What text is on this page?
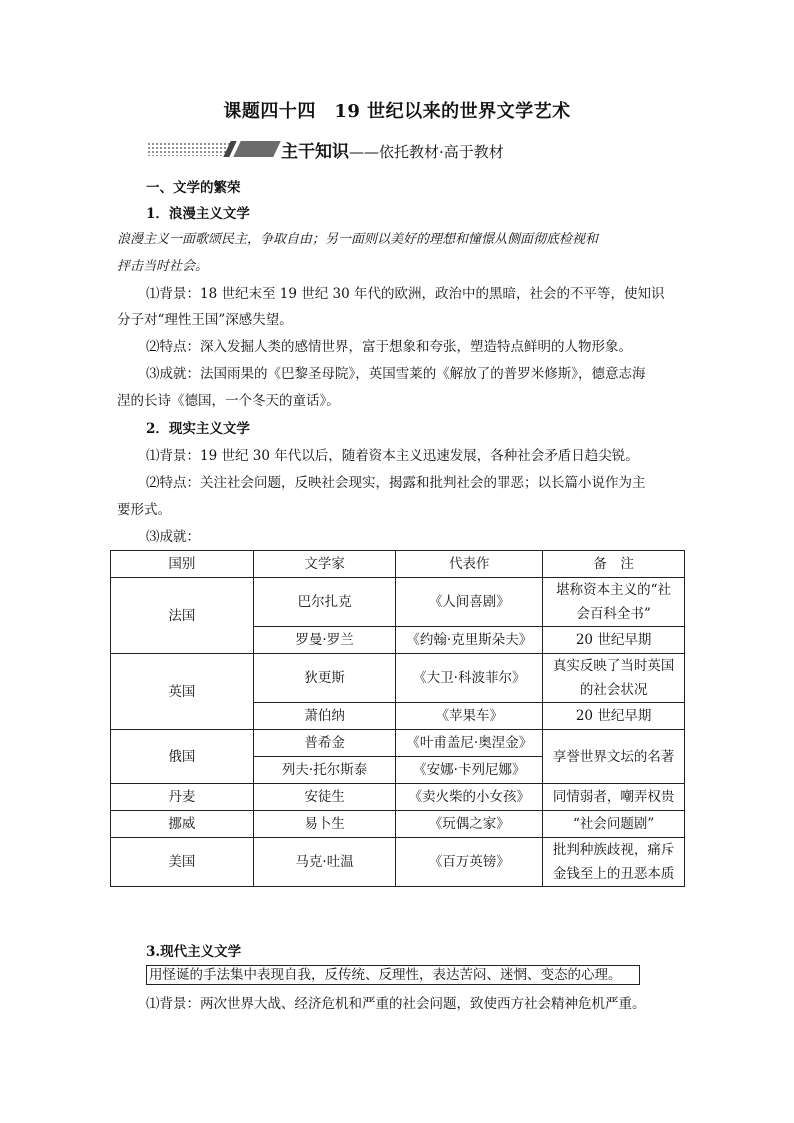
课题四十四　19 世纪以来的世界文学艺术
主干知识——依托教材·高于教材
一、文学的繁荣
1．浪漫主义文学
浪漫主义一面歌颂民主，争取自由；另一面则以美好的理想和憧憬从侧面彻底检视和
抨击当时社会。
⑴背景：18 世纪末至 19 世纪 30 年代的欧洲，政治中的黑暗，社会的不平等，使知识
分子对“理性王国”深感失望。
⑵特点：深入发掘人类的感情世界，富于想象和夸张，塑造特点鲜明的人物形象。
⑶成就：法国雨果的《巴黎圣母院》，英国雪莱的《解放了的普罗米修斯》，德意志海
涅的长诗《德国，一个冬天的童话》。
2．现实主义文学
⑴背景：19 世纪 30 年代以后，随着资本主义迅速发展，各种社会矛盾日趋尖锐。
⑵特点：关注社会问题，反映社会现实，揭露和批判社会的罪恶；以长篇小说作为主
要形式。
⑶成就：
国别	文学家	代表作	备　注
法国	巴尔扎克	《人间喜剧》	堪称资本主义的“社
会百科全书”

	罗曼·罗兰	《约翰·克里斯朵夫》	20 世纪早期
英国	狄更斯	《大卫·科波菲尔》	真实反映了当时英国
的社会状况

	萧伯纳	《苹果车》	20 世纪早期
俄国	普希金	《叶甫盖尼·奥涅金》	享誉世界文坛的名著
	列夫·托尔斯泰	《安娜·卡列尼娜》	
丹麦	安徒生	《卖火柴的小女孩》	同情弱者，嘲弄权贵
挪威	易卜生	《玩偶之家》	“社会问题剧”
美国	马克·吐温	《百万英镑》	批判种族歧视，痛斥
金钱至上的丑恶本质
3.现代主义文学
用怪诞的手法集中表现自我，反传统、反理性，表达苦闷、迷惘、变态的心理。
⑴背景：两次世界大战、经济危机和严重的社会问题，致使西方社会精神危机严重。
